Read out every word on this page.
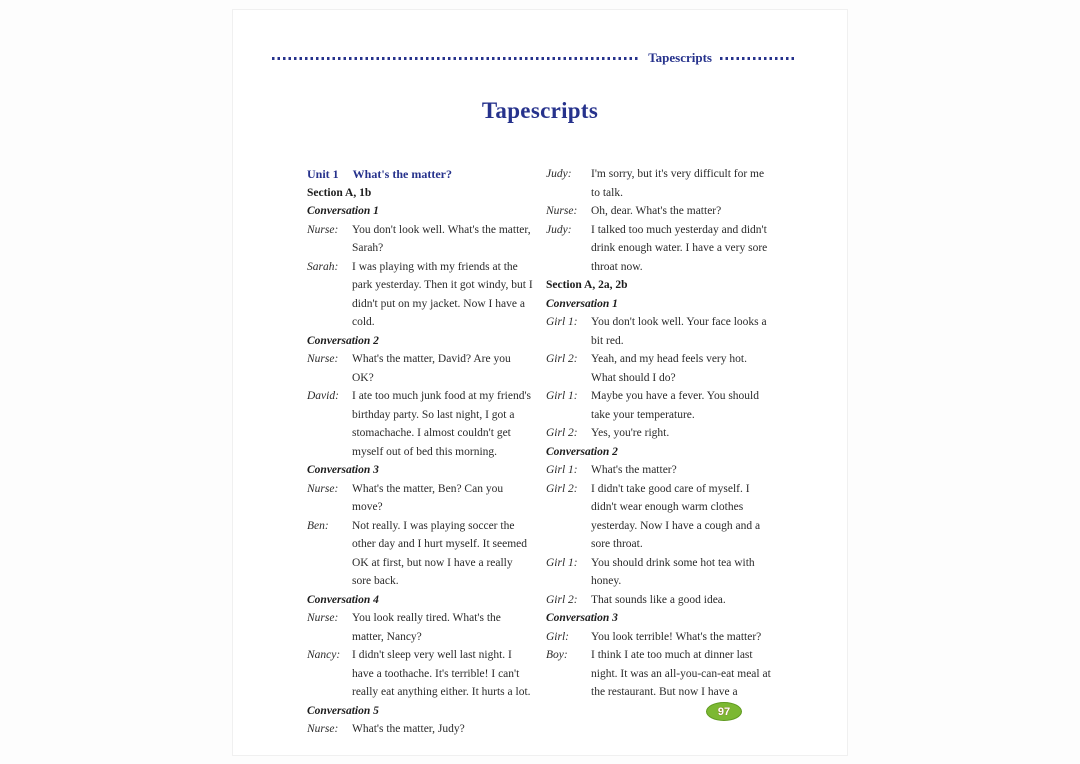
Tapescripts
Tapescripts
Unit 1 What's the matter?
Section A, 1b
Conversation 1
Nurse:	You don't look well. What's the matter, Sarah?
Sarah:	I was playing with my friends at the park yesterday. Then it got windy, but I didn't put on my jacket. Now I have a cold.
Conversation 2
Nurse:	What's the matter, David? Are you OK?
David:	I ate too much junk food at my friend's birthday party. So last night, I got a stomachache. I almost couldn't get myself out of bed this morning.
Conversation 3
Nurse:	What's the matter, Ben? Can you move?
Ben:	Not really. I was playing soccer the other day and I hurt myself. It seemed OK at first, but now I have a really sore back.
Conversation 4
Nurse:	You look really tired. What's the matter, Nancy?
Nancy:	I didn't sleep very well last night. I have a toothache. It's terrible! I can't really eat anything either. It hurts a lot.
Conversation 5
Nurse:	What's the matter, Judy?
Judy:	I'm sorry, but it's very difficult for me to talk.
Nurse:	Oh, dear. What's the matter?
Judy:	I talked too much yesterday and didn't drink enough water. I have a very sore throat now.
Section A, 2a, 2b
Conversation 1
Girl 1:	You don't look well. Your face looks a bit red.
Girl 2:	Yeah, and my head feels very hot. What should I do?
Girl 1:	Maybe you have a fever. You should take your temperature.
Girl 2:	Yes, you're right.
Conversation 2
Girl 1:	What's the matter?
Girl 2:	I didn't take good care of myself. I didn't wear enough warm clothes yesterday. Now I have a cough and a sore throat.
Girl 1:	You should drink some hot tea with honey.
Girl 2:	That sounds like a good idea.
Conversation 3
Girl:	You look terrible! What's the matter?
Boy:	I think I ate too much at dinner last night. It was an all-you-can-eat meal at the restaurant. But now I have a
97
